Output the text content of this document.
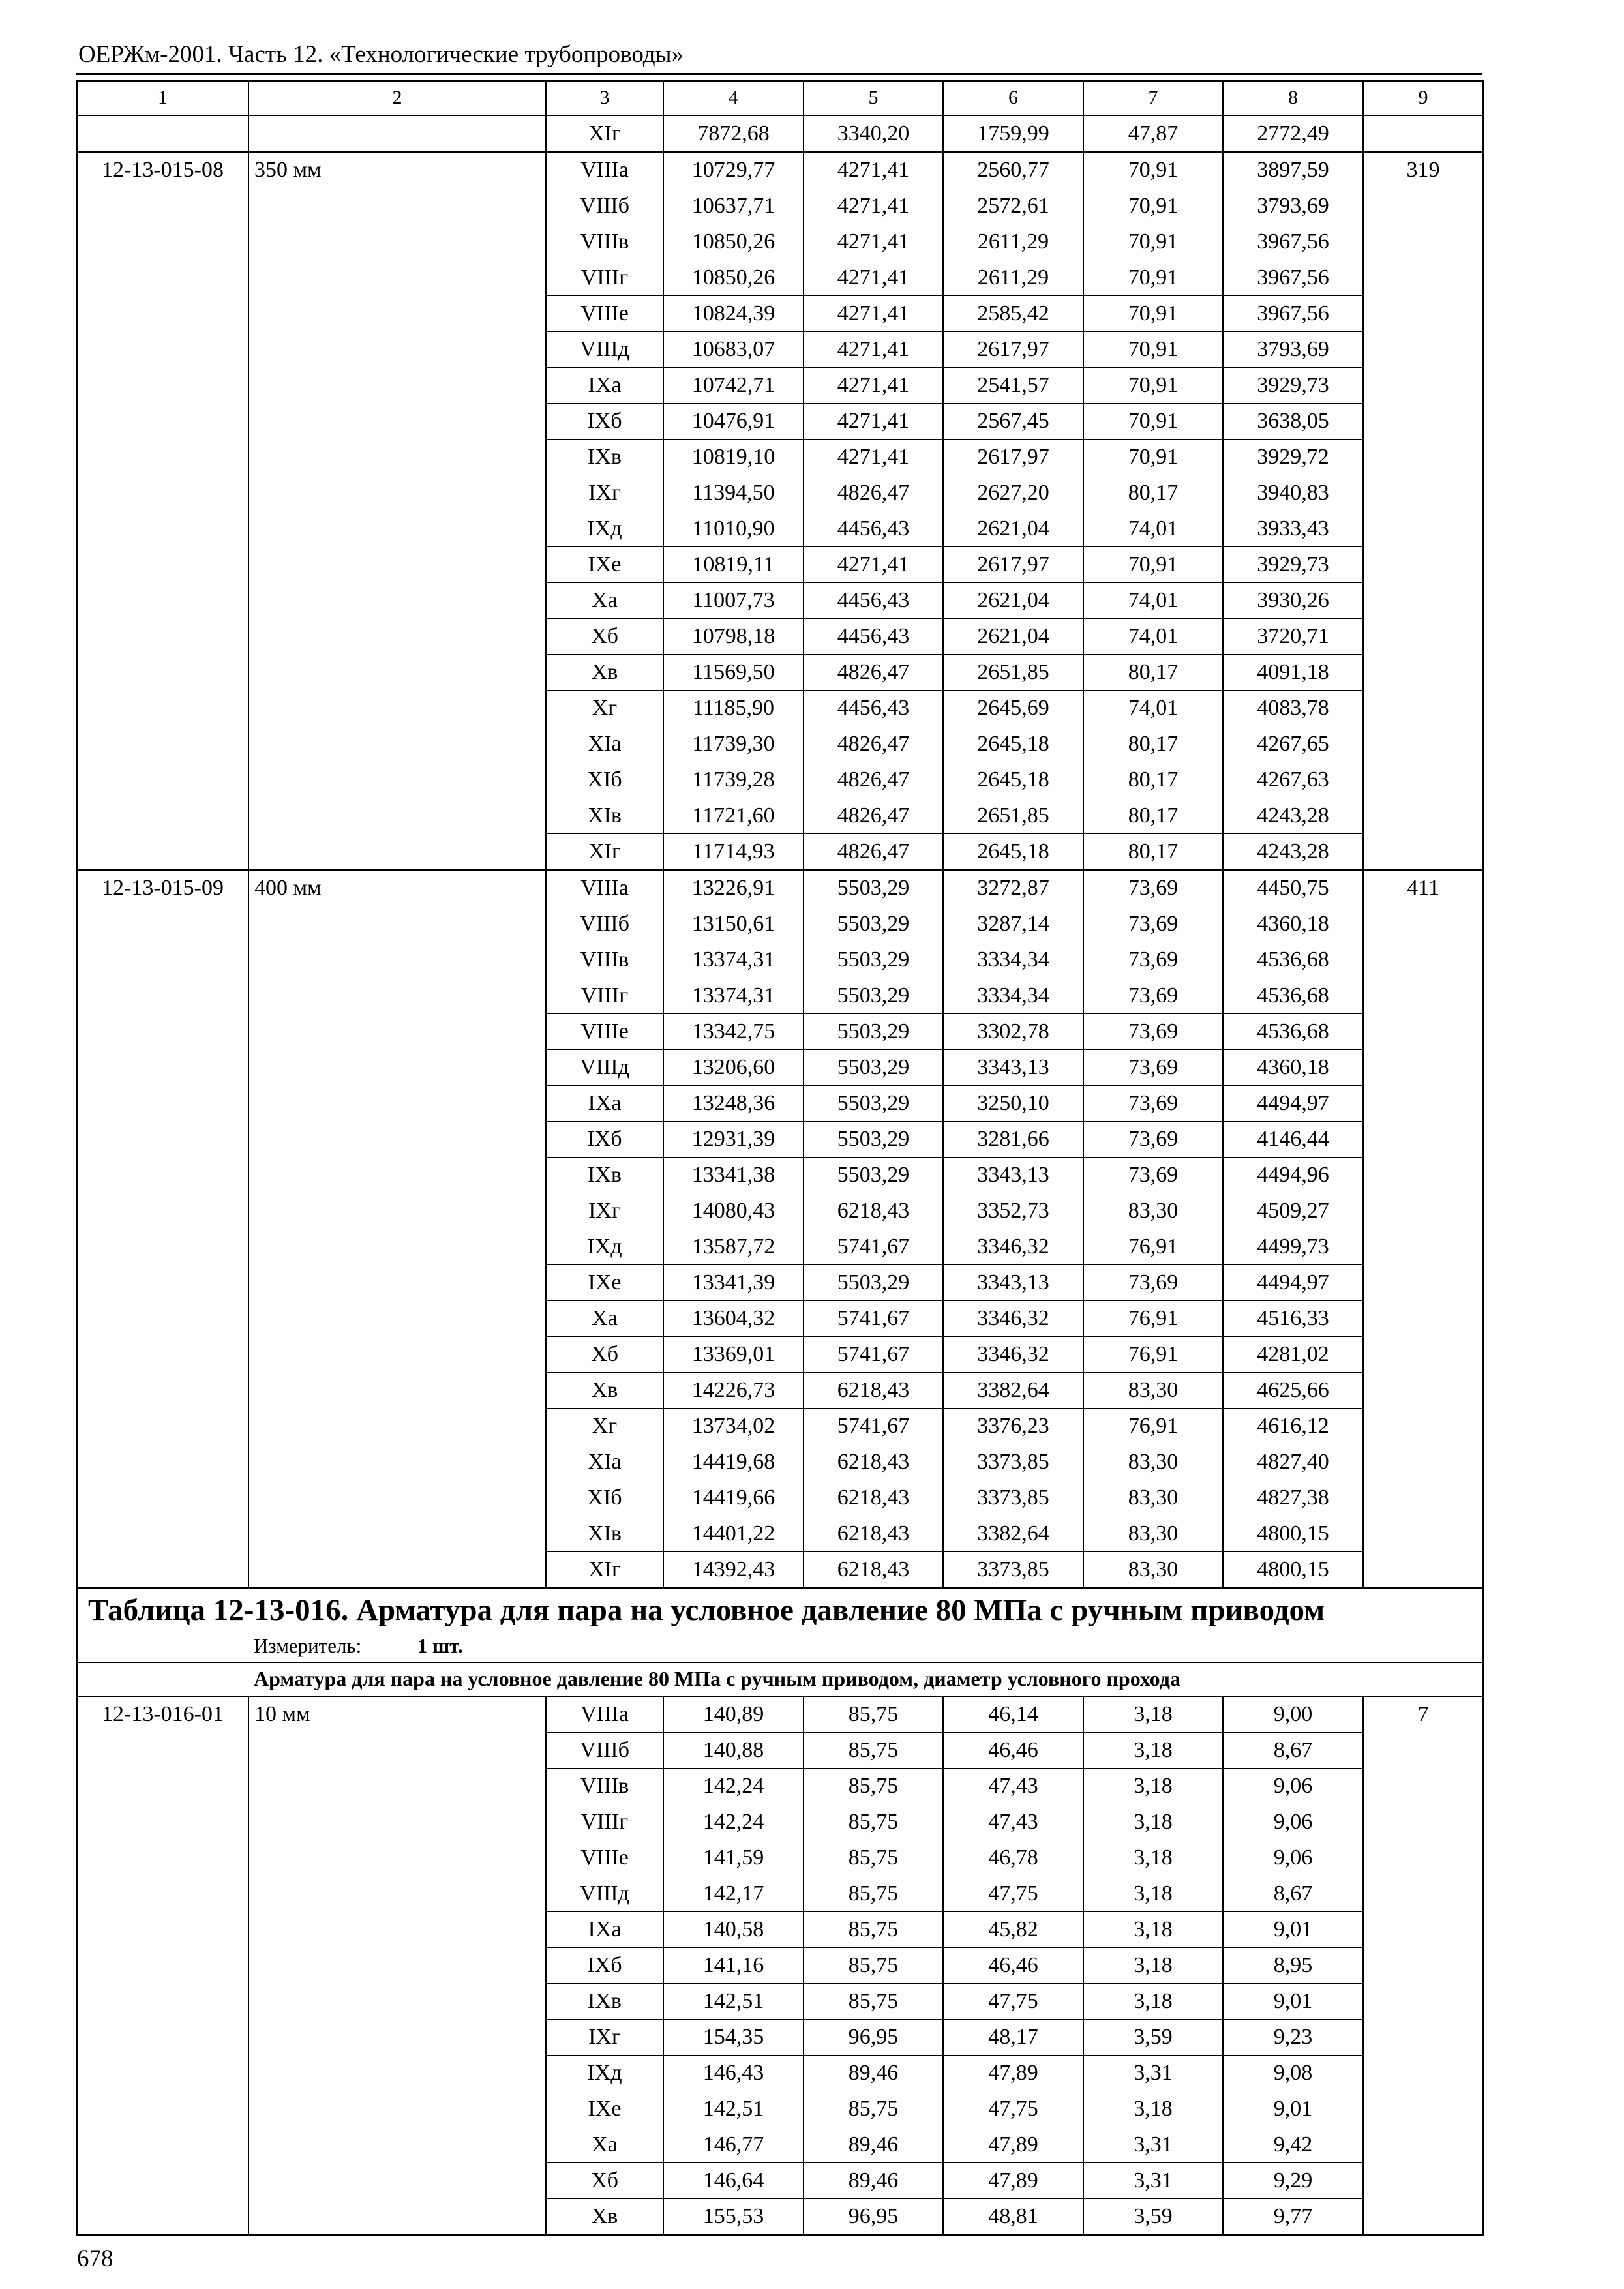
ОЕРЖм-2001. Часть 12. «Технологические трубопроводы»
1	2	3	4	5	6	7	8	9
		XIг	7872,68	3340,20	1759,99	47,87	2772,49	
12-13-015-08	350 мм	VIIIа	10729,77	4271,41	2560,77	70,91	3897,59	319
		VIIIб	10637,71	4271,41	2572,61	70,91	3793,69	
		VIIIв	10850,26	4271,41	2611,29	70,91	3967,56	
		VIIIг	10850,26	4271,41	2611,29	70,91	3967,56	
		VIIIе	10824,39	4271,41	2585,42	70,91	3967,56	
		VIIIд	10683,07	4271,41	2617,97	70,91	3793,69	
		IXа	10742,71	4271,41	2541,57	70,91	3929,73	
		IXб	10476,91	4271,41	2567,45	70,91	3638,05	
		IXв	10819,10	4271,41	2617,97	70,91	3929,72	
		IXг	11394,50	4826,47	2627,20	80,17	3940,83	
		IXд	11010,90	4456,43	2621,04	74,01	3933,43	
		IXе	10819,11	4271,41	2617,97	70,91	3929,73	
		Xа	11007,73	4456,43	2621,04	74,01	3930,26	
		Xб	10798,18	4456,43	2621,04	74,01	3720,71	
		Xв	11569,50	4826,47	2651,85	80,17	4091,18	
		Xг	11185,90	4456,43	2645,69	74,01	4083,78	
		XIа	11739,30	4826,47	2645,18	80,17	4267,65	
		XIб	11739,28	4826,47	2645,18	80,17	4267,63	
		XIв	11721,60	4826,47	2651,85	80,17	4243,28	
		XIг	11714,93	4826,47	2645,18	80,17	4243,28	
12-13-015-09	400 мм	VIIIа	13226,91	5503,29	3272,87	73,69	4450,75	411
		VIIIб	13150,61	5503,29	3287,14	73,69	4360,18	
		VIIIв	13374,31	5503,29	3334,34	73,69	4536,68	
		VIIIг	13374,31	5503,29	3334,34	73,69	4536,68	
		VIIIе	13342,75	5503,29	3302,78	73,69	4536,68	
		VIIIд	13206,60	5503,29	3343,13	73,69	4360,18	
		IXа	13248,36	5503,29	3250,10	73,69	4494,97	
		IXб	12931,39	5503,29	3281,66	73,69	4146,44	
		IXв	13341,38	5503,29	3343,13	73,69	4494,96	
		IXг	14080,43	6218,43	3352,73	83,30	4509,27	
		IXд	13587,72	5741,67	3346,32	76,91	4499,73	
		IXе	13341,39	5503,29	3343,13	73,69	4494,97	
		Xа	13604,32	5741,67	3346,32	76,91	4516,33	
		Xб	13369,01	5741,67	3346,32	76,91	4281,02	
		Xв	14226,73	6218,43	3382,64	83,30	4625,66	
		Xг	13734,02	5741,67	3376,23	76,91	4616,12	
		XIа	14419,68	6218,43	3373,85	83,30	4827,40	
		XIб	14419,66	6218,43	3373,85	83,30	4827,38	
		XIв	14401,22	6218,43	3382,64	83,30	4800,15	
		XIг	14392,43	6218,43	3373,85	83,30	4800,15	
Таблица 12-13-016. Арматура для пара на условное давление 80 МПа с ручным приводом								
Измеритель: 1 шт.								
	Арматура для пара на условное давление 80 МПа с ручным приводом, диаметр условного прохода							
12-13-016-01	10 мм	VIIIа	140,89	85,75	46,14	3,18	9,00	7
		VIIIб	140,88	85,75	46,46	3,18	8,67	
		VIIIв	142,24	85,75	47,43	3,18	9,06	
		VIIIг	142,24	85,75	47,43	3,18	9,06	
		VIIIе	141,59	85,75	46,78	3,18	9,06	
		VIIIд	142,17	85,75	47,75	3,18	8,67	
		IXа	140,58	85,75	45,82	3,18	9,01	
		IXб	141,16	85,75	46,46	3,18	8,95	
		IXв	142,51	85,75	47,75	3,18	9,01	
		IXг	154,35	96,95	48,17	3,59	9,23	
		IXд	146,43	89,46	47,89	3,31	9,08	
		IXе	142,51	85,75	47,75	3,18	9,01	
		Xа	146,77	89,46	47,89	3,31	9,42	
		Xб	146,64	89,46	47,89	3,31	9,29	
		Xв	155,53	96,95	48,81	3,59	9,77	
678
